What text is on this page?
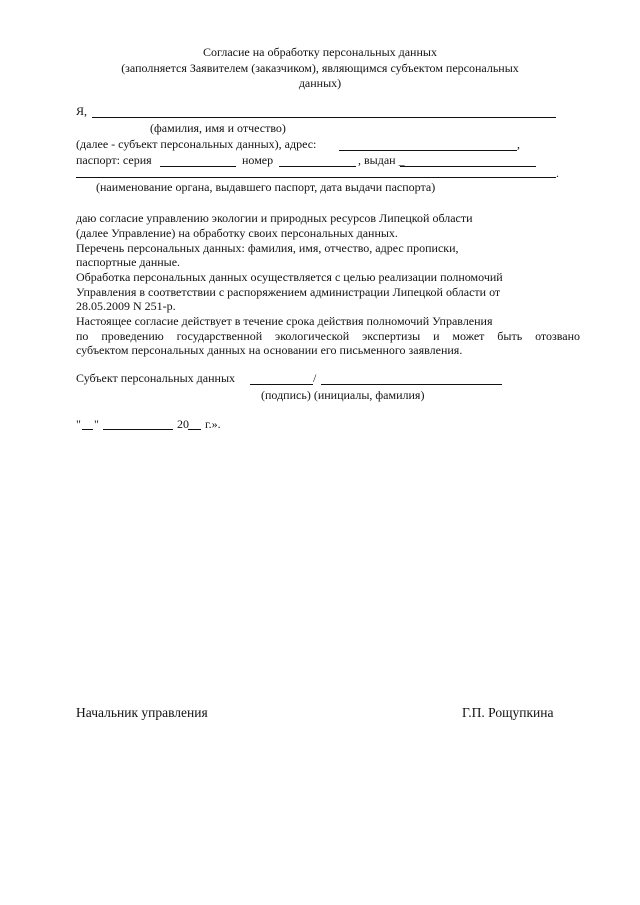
Согласие на обработку персональных данных
(заполняется Заявителем (заказчиком), являющимся субъектом персональных
данных)
Я,
(фамилия, имя и отчество)
(далее - субъект персональных данных), адрес:	,
паспорт: серия	номер	, выдан _
.
(наименование органа, выдавшего паспорт, дата выдачи паспорта)
даю согласие управлению экологии и природных ресурсов Липецкой области
(далее Управление) на обработку своих персональных данных.
Перечень персональных данных: фамилия, имя, отчество, адрес прописки,
паспортные данные.
Обработка персональных данных осуществляется с целью реализации полномочий
Управления в соответствии с распоряжением администрации Липецкой области от
28.05.2009 N 251-р.
Настоящее согласие действует в течение срока действия полномочий Управления
по проведению государственной экологической экспертизы и может быть отозвано
субъектом персональных данных на основании его письменного заявления.
Субъект персональных данных	/
(подпись) (инициалы, фамилия)
" "	20 г.».
Начальник управления	Г.П. Рощупкина
